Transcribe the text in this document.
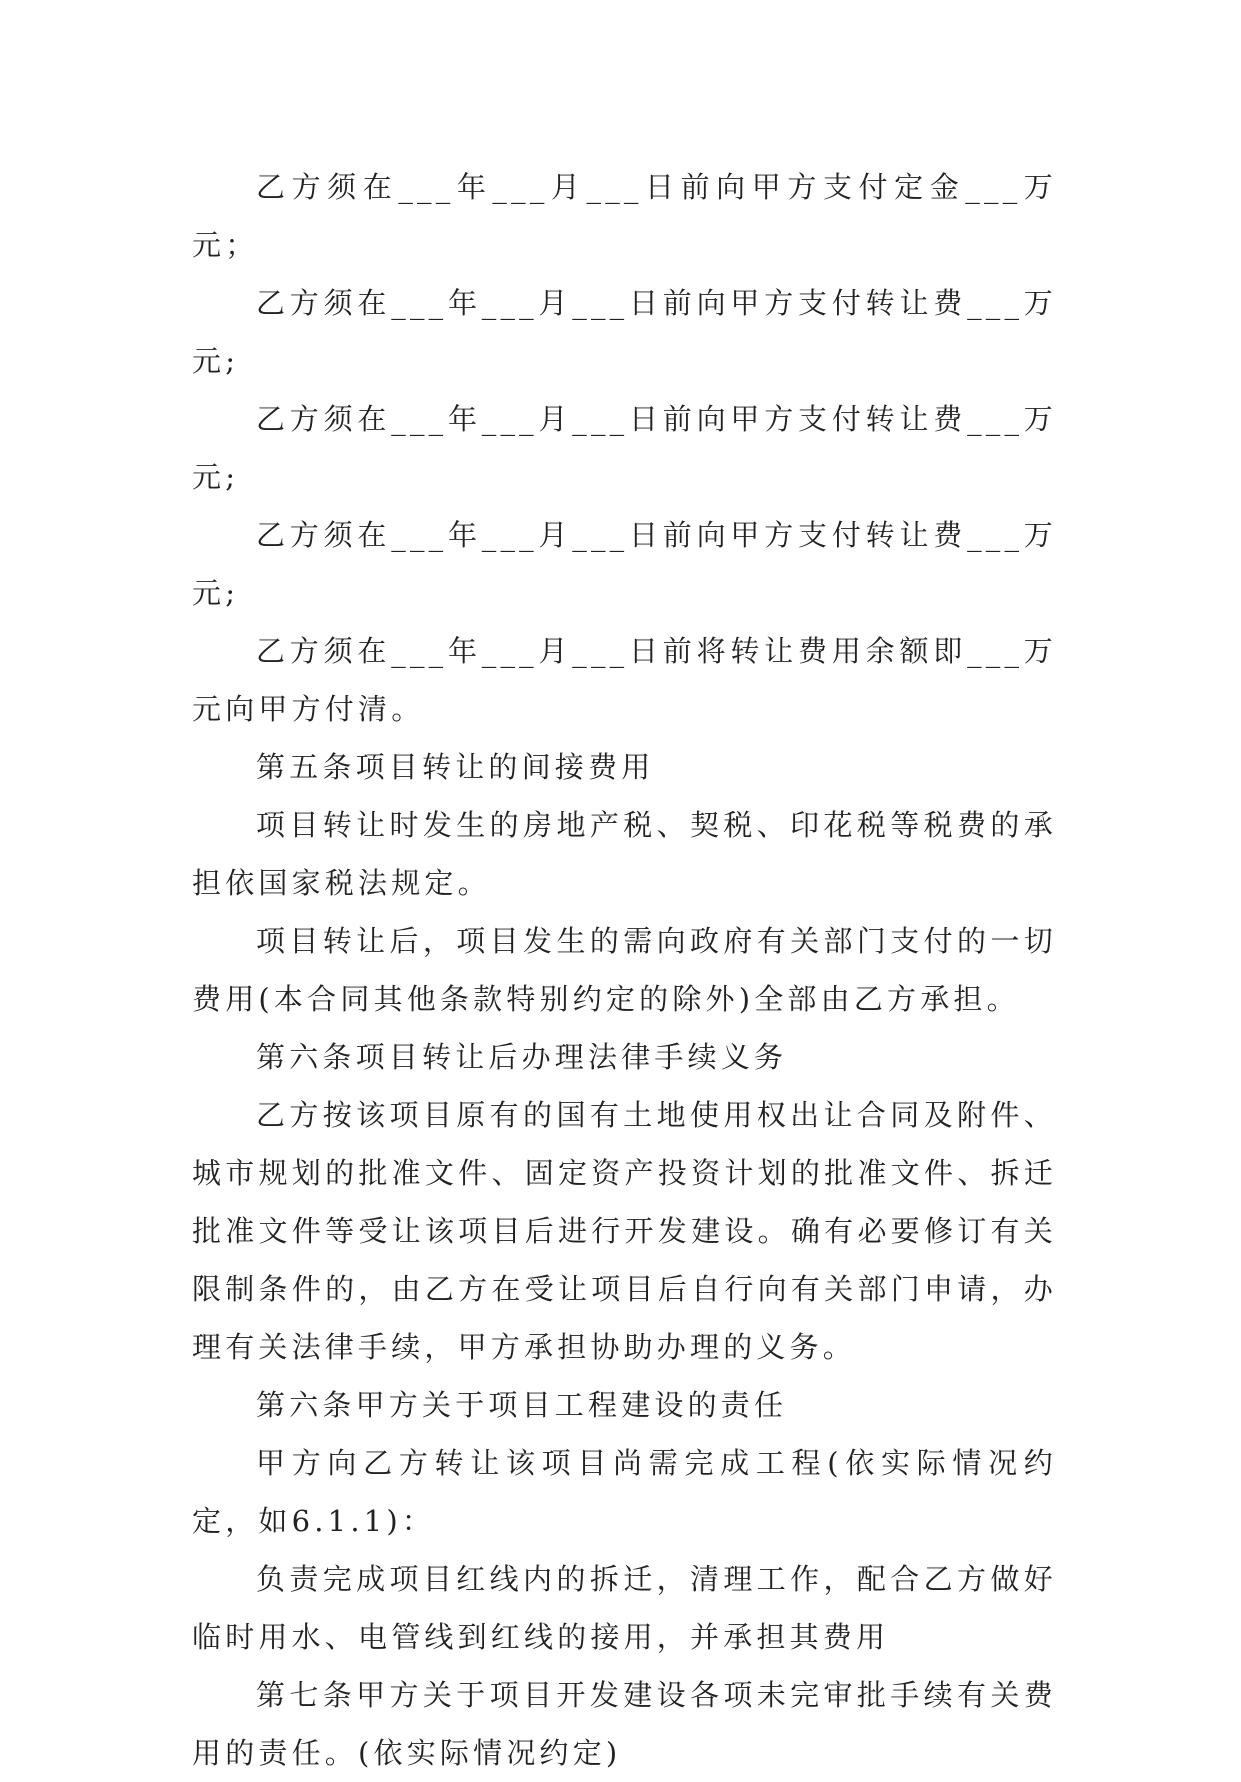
乙方须在___年___月___日前向甲方支付定金___万元；

乙方须在___年___月___日前向甲方支付转让费___万元;

乙方须在___年___月___日前向甲方支付转让费___万元;

乙方须在___年___月___日前向甲方支付转让费___万元;

乙方须在___年___月___日前将转让费用余额即___万元向甲方付清。

第五条项目转让的间接费用

项目转让时发生的房地产税、契税、印花税等税费的承担依国家税法规定。

项目转让后，项目发生的需向政府有关部门支付的一切费用(本合同其他条款特别约定的除外)全部由乙方承担。

第六条项目转让后办理法律手续义务

乙方按该项目原有的国有土地使用权出让合同及附件、城市规划的批准文件、固定资产投资计划的批准文件、拆迁批准文件等受让该项目后进行开发建设。确有必要修订有关限制条件的，由乙方在受让项目后自行向有关部门申请，办理有关法律手续，甲方承担协助办理的义务。

第六条甲方关于项目工程建设的责任

甲方向乙方转让该项目尚需完成工程(依实际情况约定，如6.1.1)：

负责完成项目红线内的拆迁，清理工作，配合乙方做好临时用水、电管线到红线的接用，并承担其费用

第七条甲方关于项目开发建设各项未完审批手续有关费用的责任。(依实际情况约定)
